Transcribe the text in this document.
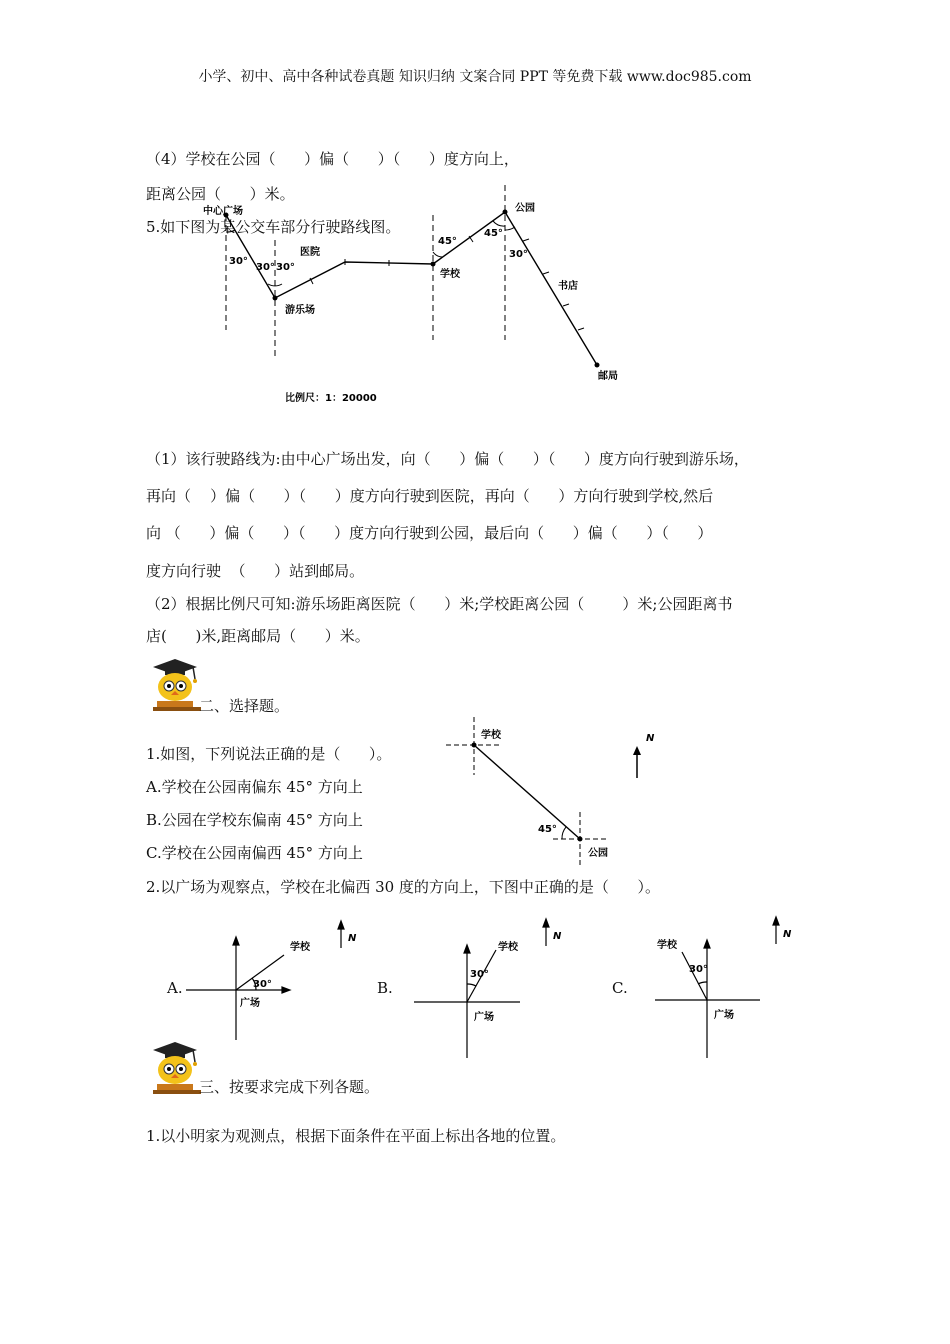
小学、初中、高中各种试卷真题 知识归纳 文案合同 PPT 等免费下载 www.doc985.com
（4）学校在公园（      ）偏（      ）（      ）度方向上，
距离公园（      ）米。
5.如下图为某公交车部分行驶路线图。
中心广场
游乐场
医院
学校
公园
书店
邮局
30°
30° 30°
45°
45°
30°
比例尺：1：20000
（1）该行驶路线为:由中心广场出发，向（      ）偏（      ）（      ）度方向行驶到游乐场，
再向（    ）偏（      ）（      ）度方向行驶到医院，再向（      ）方向行驶到学校,然后
向 （      ）偏（      ）（      ）度方向行驶到公园，最后向（      ）偏（      ）（      ）
度方向行驶  （      ）站到邮局。
（2）根据比例尺可知:游乐场距离医院（      ）米;学校距离公园（        ）米;公园距离书
店(      )米,距离邮局（      ）米。
二、选择题。
1.如图，下列说法正确的是（      ）。
A.学校在公园南偏东 45° 方向上
B.公园在学校东偏南 45° 方向上
C.学校在公园南偏西 45° 方向上
学校
公园
45°
N
2.以广场为观察点，学校在北偏西 30 度的方向上，下图中正确的是（      ）。
学校
30°
广场
N
学校
30°
广场
N
学校
30°
广场
N
A.	B.	C.
三、按要求完成下列各题。
1.以小明家为观测点，根据下面条件在平面上标出各地的位置。
